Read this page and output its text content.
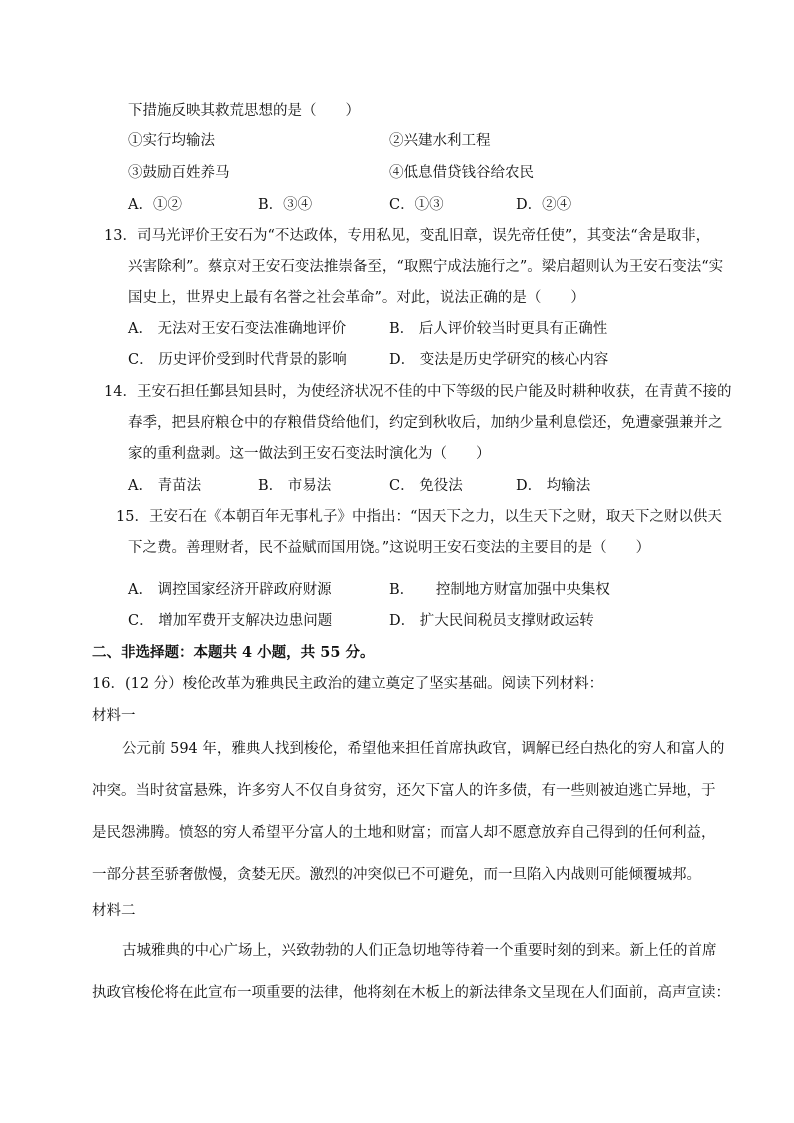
下措施反映其救荒思想的是（　　）
①实行均输法	②兴建水利工程
③鼓励百姓养马	④低息借贷钱谷给农民
A．①②	B．③④	C．①③	D．②④
13．司马光评价王安石为“不达政体，专用私见，变乱旧章，误先帝任使”，其变法“舍是取非，
兴害除利”。蔡京对王安石变法推崇备至，“取熙宁成法施行之”。梁启超则认为王安石变法“实
国史上，世界史上最有名誉之社会革命”。对此，说法正确的是（　　）
A． 无法对王安石变法准确地评价	B． 后人评价较当时更具有正确性
C． 历史评价受到时代背景的影响	D． 变法是历史学研究的核心内容
14．王安石担任鄞县知县时，为使经济状况不佳的中下等级的民户能及时耕种收获，在青黄不接的
春季，把县府粮仓中的存粮借贷给他们，约定到秋收后，加纳少量利息偿还，免遭豪强兼并之
家的重利盘剥。这一做法到王安石变法时演化为（　　）
A． 青苗法	B． 市易法	C． 免役法	D． 均输法
15．王安石在《本朝百年无事札子》中指出：“因天下之力，以生天下之财，取天下之财以供天
下之费。善理财者，民不益赋而国用饶。”这说明王安石变法的主要目的是（　　）
A． 调控国家经济开辟政府财源	B．　　控制地方财富加强中央集权
C． 增加军费开支解决边患问题	D． 扩大民间税员支撑财政运转
二、非选择题：本题共 4 小题，共 55 分。
16．(12 分）梭伦改革为雅典民主政治的建立奠定了坚实基础。阅读下列材料：
材料一
公元前 594 年，雅典人找到梭伦，希望他来担任首席执政官，调解已经白热化的穷人和富人的
冲突。当时贫富悬殊，许多穷人不仅自身贫穷，还欠下富人的许多债，有一些则被迫逃亡异地，于
是民怨沸腾。愤怒的穷人希望平分富人的土地和财富；而富人却不愿意放弃自己得到的任何利益，
一部分甚至骄奢傲慢，贪婪无厌。激烈的冲突似已不可避免，而一旦陷入内战则可能倾覆城邦。
材料二
古城雅典的中心广场上，兴致勃勃的人们正急切地等待着一个重要时刻的到来。新上任的首席
执政官梭伦将在此宣布一项重要的法律，他将刻在木板上的新法律条文呈现在人们面前，高声宣读：
